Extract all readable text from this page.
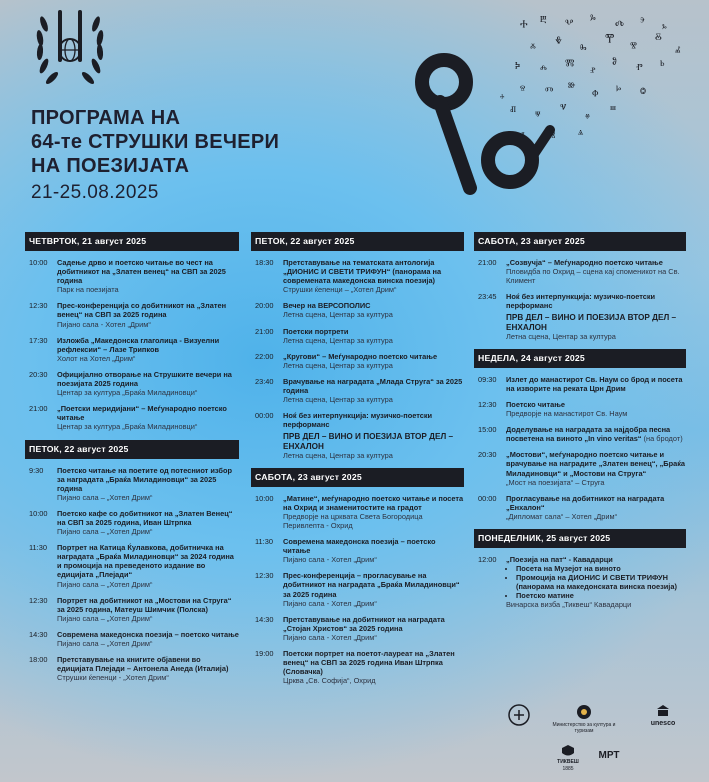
ПРОГРАМА НА
64-те СТРУШКИ ВЕЧЕРИ
НА ПОЕЗИЈАТА
21-25.08.2025
ⰰ ⰱ ⰲ ⰳ ⰴ ⰵ
ⰶ ⰷ ⰸ ⰹ ⰺ
ⰻ
ⰼ
ⰽ ⰾ ⰿ ⱀ
ⱁ ⱂ ⱃ
ⱄ ⱅ ⱆ
ⱇ ⱈ ⱉ
ⱊ ⱋ
ⱌ
ⱍ
ⱎ
ⱏ ⱐ	ⱑ
ⰰ
ⰳ
ЧЕТВРТОК, 21 август 2025
10:00	Садење дрво и поетско читање во чест на добитникот на „Златен венец“ на СВП за 2025 година
Парк на поезијата
12:30	Прес-конференција со добитникот на „Златен венец“ на СВП за 2025 година
Пијано сала - Хотел „Дрим“
17:30	Изложба „Македонска глаголица - Визуелни рефлексии“ – Лазе Трипков
Холот на Хотел „Дрим“
20:30	Официјално отворање на Струшките вечери на поезијата 2025 година
Центар за култура „Браќа Миладиновци“
21:00	„Поетски меридијани“ – Меѓународно поетско читање
Центар за култура „Браќа Миладиновци“
ПЕТОК, 22 август 2025
9:30	Поетско читање на поетите од потесниот избор за наградата „Браќа Миладиновци“ за 2025 година
Пијано сала – „Хотел Дрим“
10:00	Поетско кафе со добитникот на „Златен Венец“ на СВП за 2025 година, Иван Штрпка
Пијано сала – „Хотел Дрим“
11:30	Портрет на Катица Ќулавкова, добитничка на наградата „Браќа Миладиновци“ за 2024 година и промоција на преведеното издание во едицијата „Плејади“
Пијано сала – „Хотел Дрим“
12:30	Портрет на добитникот на „Мостови на Струга“ за 2025 година, Матеуш Шимчик (Полска)
Пијано сала – „Хотел Дрим“
14:30	Современа македонска поезија – поетско читање
Пијано сала – „Хотел Дрим“
18:00	Претставување на книгите објавени во едицијата Плејади – Антонела Анеда (Италија)
Струшки ќепенци - „Хотел Дрим“
ПЕТОК, 22 август 2025
18:30	Претставување на тематската антологија „ДИОНИС И СВЕТИ ТРИФУН“ (панорама на современата македонска винска поезија)
Струшки ќепенци – „Хотел Дрим“
20:00	Вечер на ВЕРСОПОЛИС
Летна сцена, Центар за култура
21:00	Поетски портрети
Летна сцена, Центар за култура
22:00	„Кругови“ – Меѓународно поетско читање
Летна сцена, Центар за култура
23:40	Врачување на наградата „Млада Струга“ за 2025 година
Летна сцена, Центар за култура
00:00	Ноќ без интерпункција: музичко-поетски перформанс
ПРВ ДЕЛ – ВИНО И ПОЕЗИЈА ВТОР ДЕЛ – ЕНХАЛОН
Летна сцена, Центар за култура
САБОТА, 23 август 2025
10:00	„Матине“, меѓународно поетско читање и посета на Охрид и знаменитостите на градот
Предворје на црквата Света Богородица Перивлепта - Охрид
11:30	Современа македонска поезија – поетско читање
Пијано сала - Хотел „Дрим“
12:30	Прес-конференција – прогласување на добитникот на наградата „Браќа Миладиновци“ за 2025 година
Пијано сала - Хотел „Дрим“
14:30	Претставување на добитникот на наградата „Стојан Христов“ за 2025 година
Пијано сала - Хотел „Дрим“
19:00	Поетски портрет на поетот-лауреат на „Златен венец“ на СВП за 2025 година Иван Штрпка (Словачка)
Црква „Св. Софија“, Охрид
САБОТА, 23 август 2025
21:00	„Созвучја“ – Меѓународно поетско читање
Пловидба по Охрид – сцена кај споменикот на Св. Климент
23:45	Ноќ без интерпункција: музичко-поетски перформанс
ПРВ ДЕЛ – ВИНО И ПОЕЗИЈА ВТОР ДЕЛ – ЕНХАЛОН
Летна сцена, Центар за култура
НЕДЕЛА, 24 август 2025
09:30	Излет до манастирот Св. Наум со брод и посета на изворите на реката Црн Дрим
12:30	Поетско читање
Предворје на манастирот Св. Наум
15:00	Доделување на наградата за најдобра песна посветена на виното „In vino veritas“ (на бродот)
20:30	„Мостови“, меѓународно поетско читање и врачување на наградите „Златен венец“, „Браќа Миладиновци“ и „Мостови на Струга“
„Мост на поезијата“ – Струга
00:00	Прогласување на добитникот на наградата „Енхалон“
„Дипломат сала“ – Хотел „Дрим“
ПОНЕДЕЛНИК, 25 август 2025
12:00	„Поезија на пат“ - Кавадарци
• Посета на Музејот на виното
• Промоција на ДИОНИС И СВЕТИ ТРИФУН (панорама на македонската винска поезија)
• Поетско матине
Винарска визба „Тиквеш“ Кавадарци
Министерство за култура и туризам
unesco
ТИКВЕШ
1885
МРТ
